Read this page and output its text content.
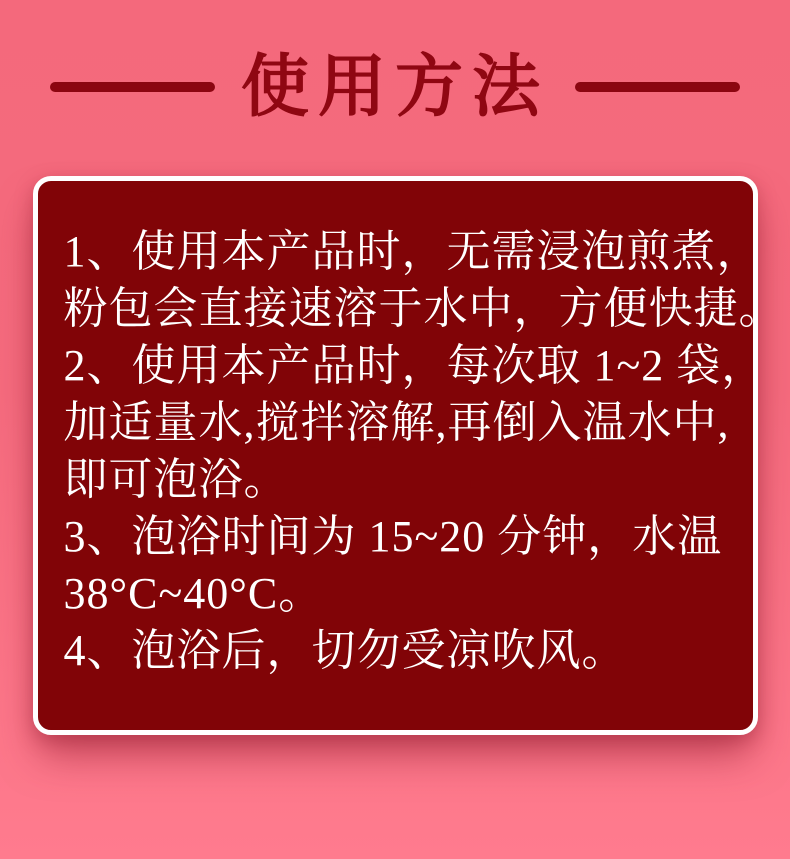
使用方法

1、使用本产品时，无需浸泡煎煮，

粉包会直接速溶于水中，方便快捷。

2、使用本产品时，每次取 1~2 袋，

加适量水,搅拌溶解,再倒入温水中,

即可泡浴。

3、泡浴时间为 15~20 分钟，水温

38°C~40°C。

4、泡浴后，切勿受凉吹风。
